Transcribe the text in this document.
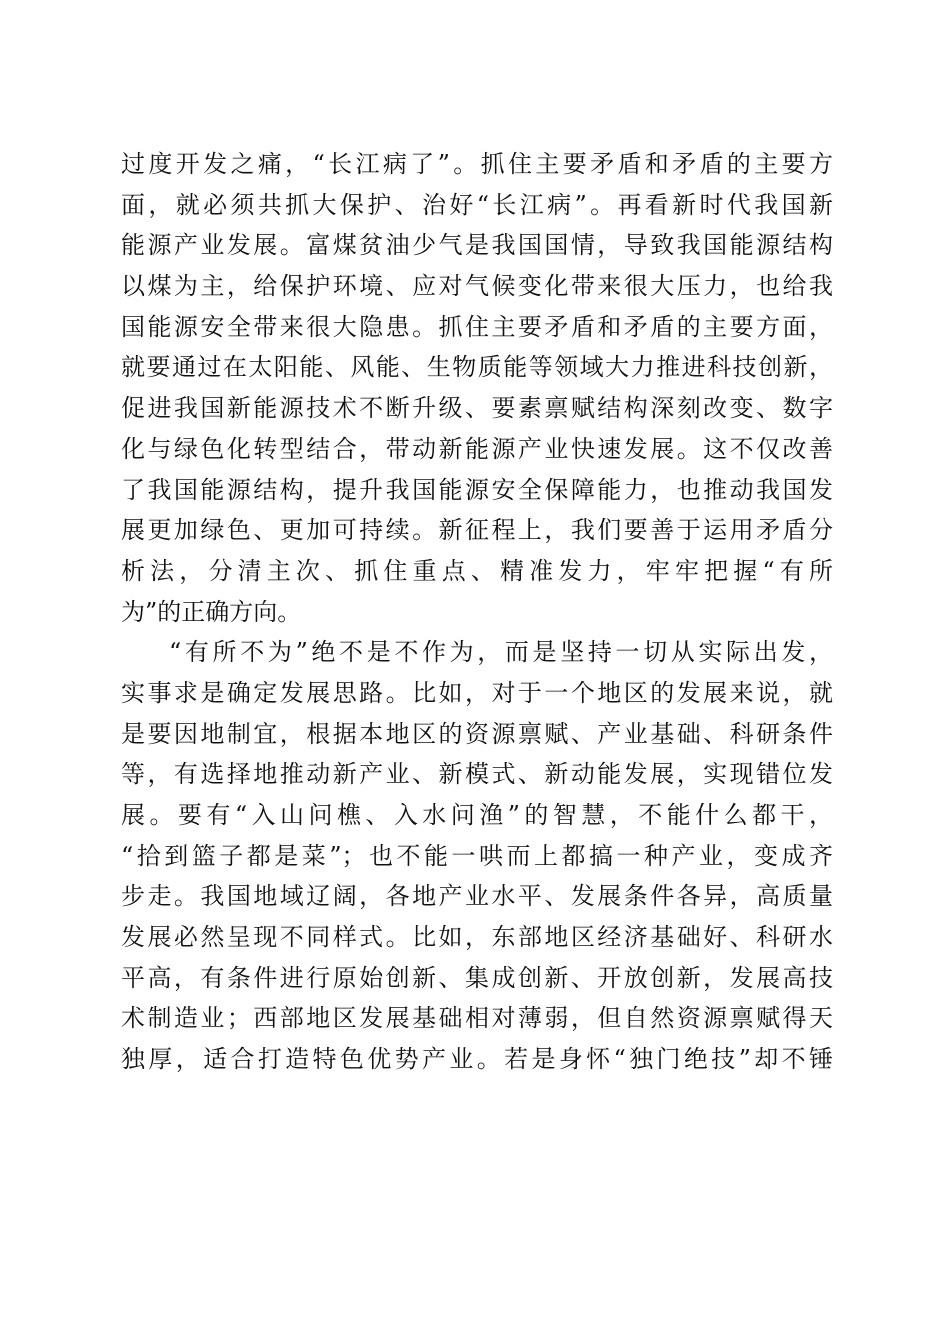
过度开发之痛，“长江病了”。抓住主要矛盾和矛盾的主要方
面，就必须共抓大保护、治好“长江病”。再看新时代我国新
能源产业发展。富煤贫油少气是我国国情，导致我国能源结构
以煤为主，给保护环境、应对气候变化带来很大压力，也给我
国能源安全带来很大隐患。抓住主要矛盾和矛盾的主要方面，
就要通过在太阳能、风能、生物质能等领域大力推进科技创新，
促进我国新能源技术不断升级、要素禀赋结构深刻改变、数字
化与绿色化转型结合，带动新能源产业快速发展。这不仅改善
了我国能源结构，提升我国能源安全保障能力，也推动我国发
展更加绿色、更加可持续。新征程上，我们要善于运用矛盾分
析法，分清主次、抓住重点、精准发力，牢牢把握“有所
为”的正确方向。
“有所不为”绝不是不作为，而是坚持一切从实际出发，
实事求是确定发展思路。比如，对于一个地区的发展来说，就
是要因地制宜，根据本地区的资源禀赋、产业基础、科研条件
等，有选择地推动新产业、新模式、新动能发展，实现错位发
展。要有“入山问樵、入水问渔”的智慧，不能什么都干，
“拾到篮子都是菜”；也不能一哄而上都搞一种产业，变成齐
步走。我国地域辽阔，各地产业水平、发展条件各异，高质量
发展必然呈现不同样式。比如，东部地区经济基础好、科研水
平高，有条件进行原始创新、集成创新、开放创新，发展高技
术制造业；西部地区发展基础相对薄弱，但自然资源禀赋得天
独厚，适合打造特色优势产业。若是身怀“独门绝技”却不锤
